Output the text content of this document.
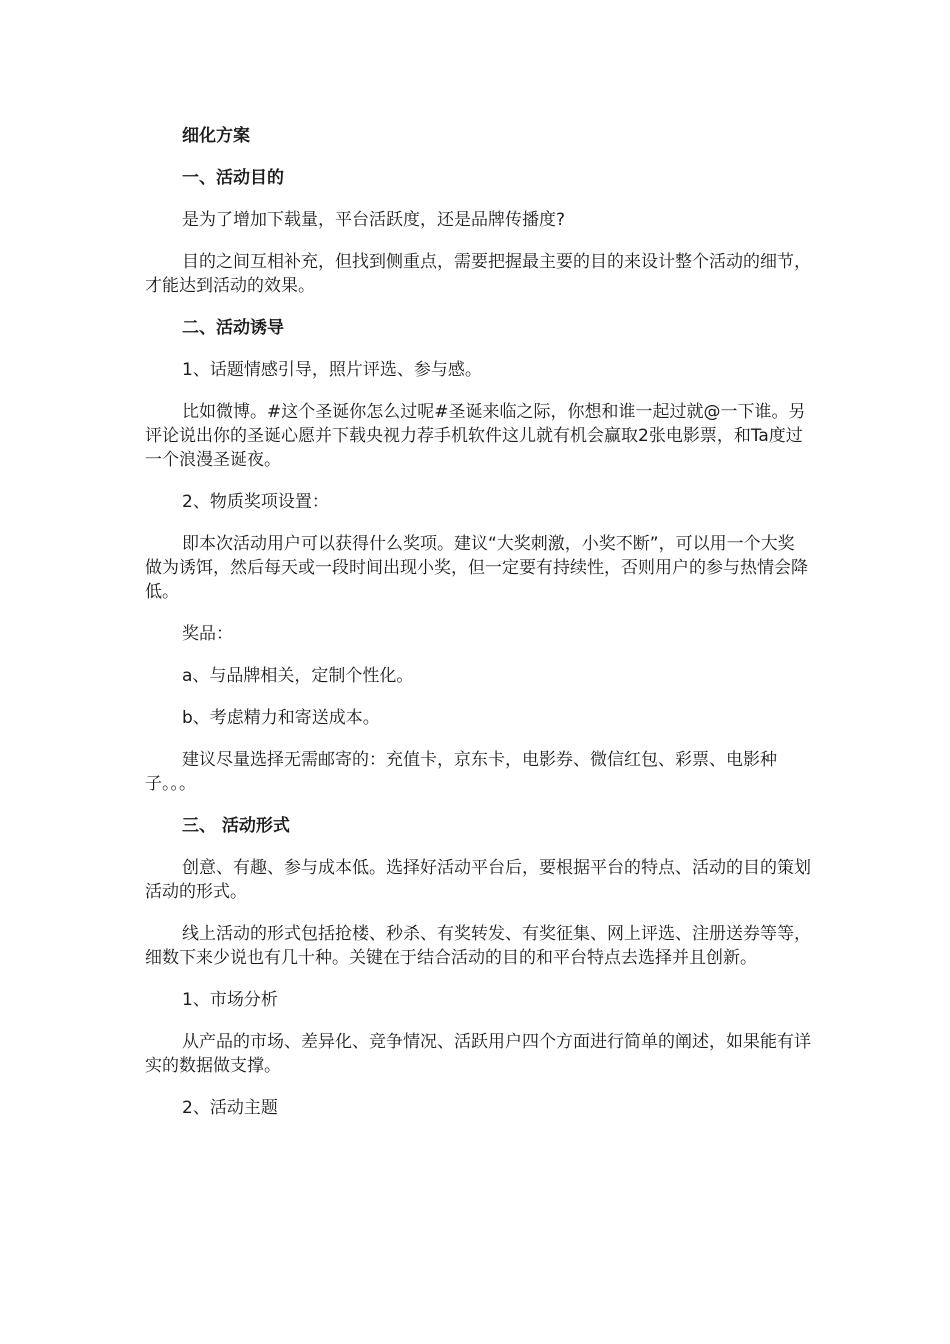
细化方案

一、活动目的

是为了增加下载量，平台活跃度，还是品牌传播度?

目的之间互相补充，但找到侧重点，需要把握最主要的目的来设计整个活动的细节，才能达到活动的效果。

二、活动诱导

1、话题情感引导，照片评选、参与感。

比如微博。#这个圣诞你怎么过呢#圣诞来临之际，你想和谁一起过就@一下谁。另评论说出你的圣诞心愿并下载央视力荐手机软件这儿就有机会赢取2张电影票，和Ta度过一个浪漫圣诞夜。

2、物质奖项设置：

即本次活动用户可以获得什么奖项。建议“大奖刺激，小奖不断”，可以用一个大奖做为诱饵，然后每天或一段时间出现小奖，但一定要有持续性，否则用户的参与热情会降低。

奖品：

a、与品牌相关，定制个性化。

b、考虑精力和寄送成本。

建议尽量选择无需邮寄的：充值卡，京东卡，电影券、微信红包、彩票、电影种子。。。

三、 活动形式

创意、有趣、参与成本低。选择好活动平台后，要根据平台的特点、活动的目的策划活动的形式。

线上活动的形式包括抢楼、秒杀、有奖转发、有奖征集、网上评选、注册送券等等，细数下来少说也有几十种。关键在于结合活动的目的和平台特点去选择并且创新。

1、市场分析

从产品的市场、差异化、竞争情况、活跃用户四个方面进行简单的阐述，如果能有详实的数据做支撑。

2、活动主题
